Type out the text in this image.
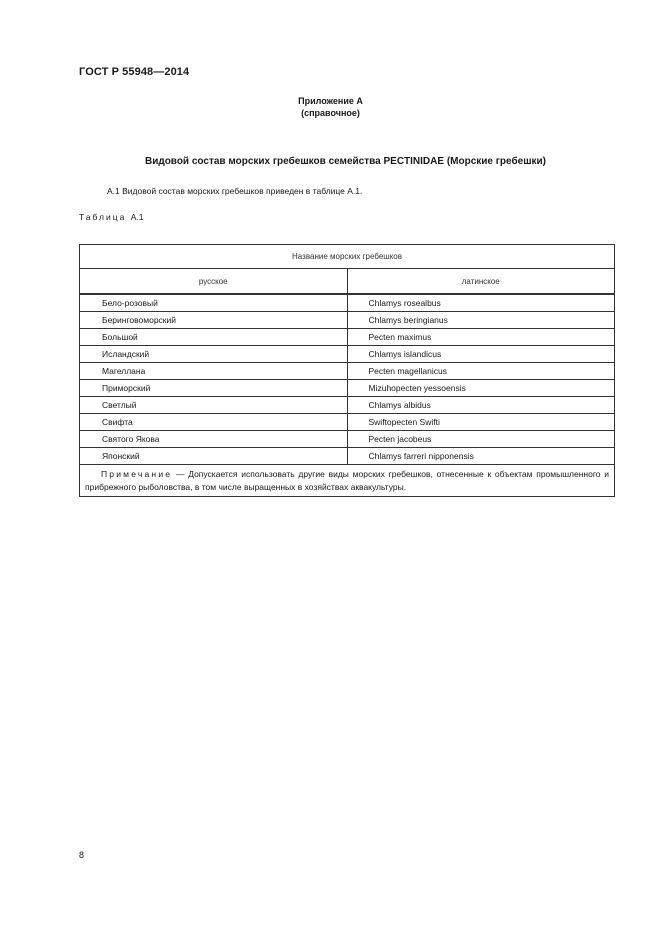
ГОСТ Р 55948—2014
Приложение А
(справочное)
Видовой состав морских гребешков семейства PECTINIDAE (Морские гребешки)
А.1 Видовой состав морских гребешков приведен в таблице А.1.
Таблица А.1
Название морских гребешков	
русское	латинское
Бело-розовый	Chlamys rosealbus
Беринговоморский	Chlamys beringianus
Большой	Pecten maximus
Исландский	Chlamys islandicus
Магеллана	Pecten magellanicus
Приморский	Mizuhopecten yessoensis
Светлый	Chlamys albidus
Свифта	Swiftopecten Swifti
Святого Якова	Pecten jacobeus
Японский	Chlamys farreri nipponensis
Примечание — Допускается использовать другие виды морских гребешков, отнесенные к объектам промышленного и прибрежного рыболовства, в том числе выращенных в хозяйствах аквакультуры.	
8
